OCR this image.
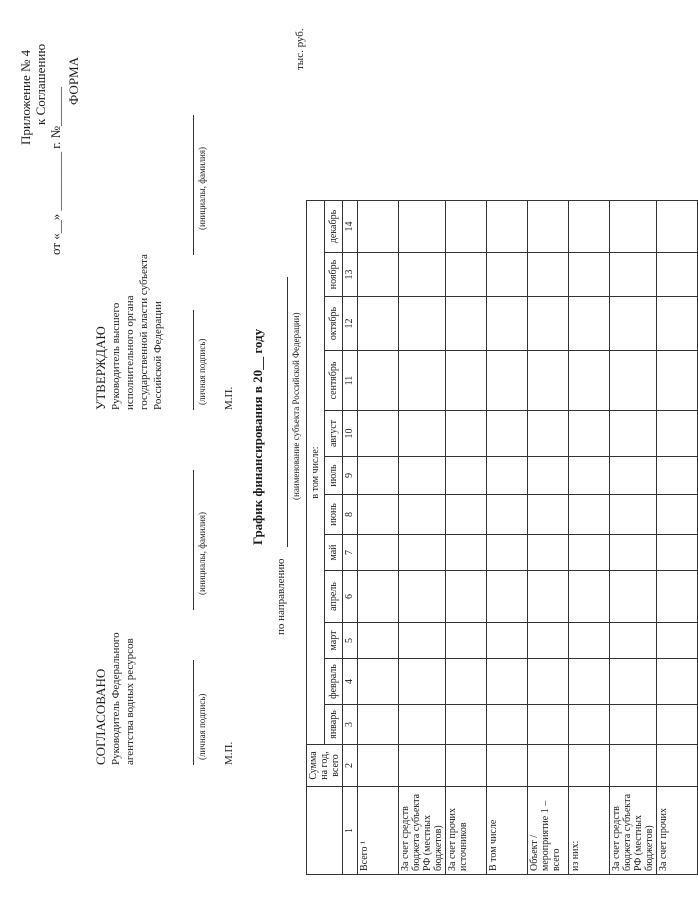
Приложение № 4 к Соглашению
от «__» _________ г. №______
ФОРМА
СОГЛАСОВАНО Руководитель Федерального агентства водных ресурсов	(личная подпись)
(инициалы, фамилия)
М.П.
УТВЕРЖДАЮ Руководитель высшего исполнительного органа государственной власти субъекта Российской Федерации	(личная подпись)
(инициалы, фамилия)
М.П. График финансирования в 20__ году
по направлению
(наименование субъекта Российской Федерации)
тыс. руб.
	Сумма на год, всего	в том числе:											
		январь	февраль	март	апрель	май	июнь	июль	август	сентябрь	октябрь	ноябрь	декабрь
1	2	3	4	5	6	7	8	9	10	11	12	13	14
Всего ¹													
За счет средств бюджета субъекта РФ (местных бюджетов)													
За счет прочих источников													
В том числе													
Объект / мероприятие 1 – всего													
из них:													
За счет средств бюджета субъекта РФ (местных бюджетов)													
За счет прочих													
